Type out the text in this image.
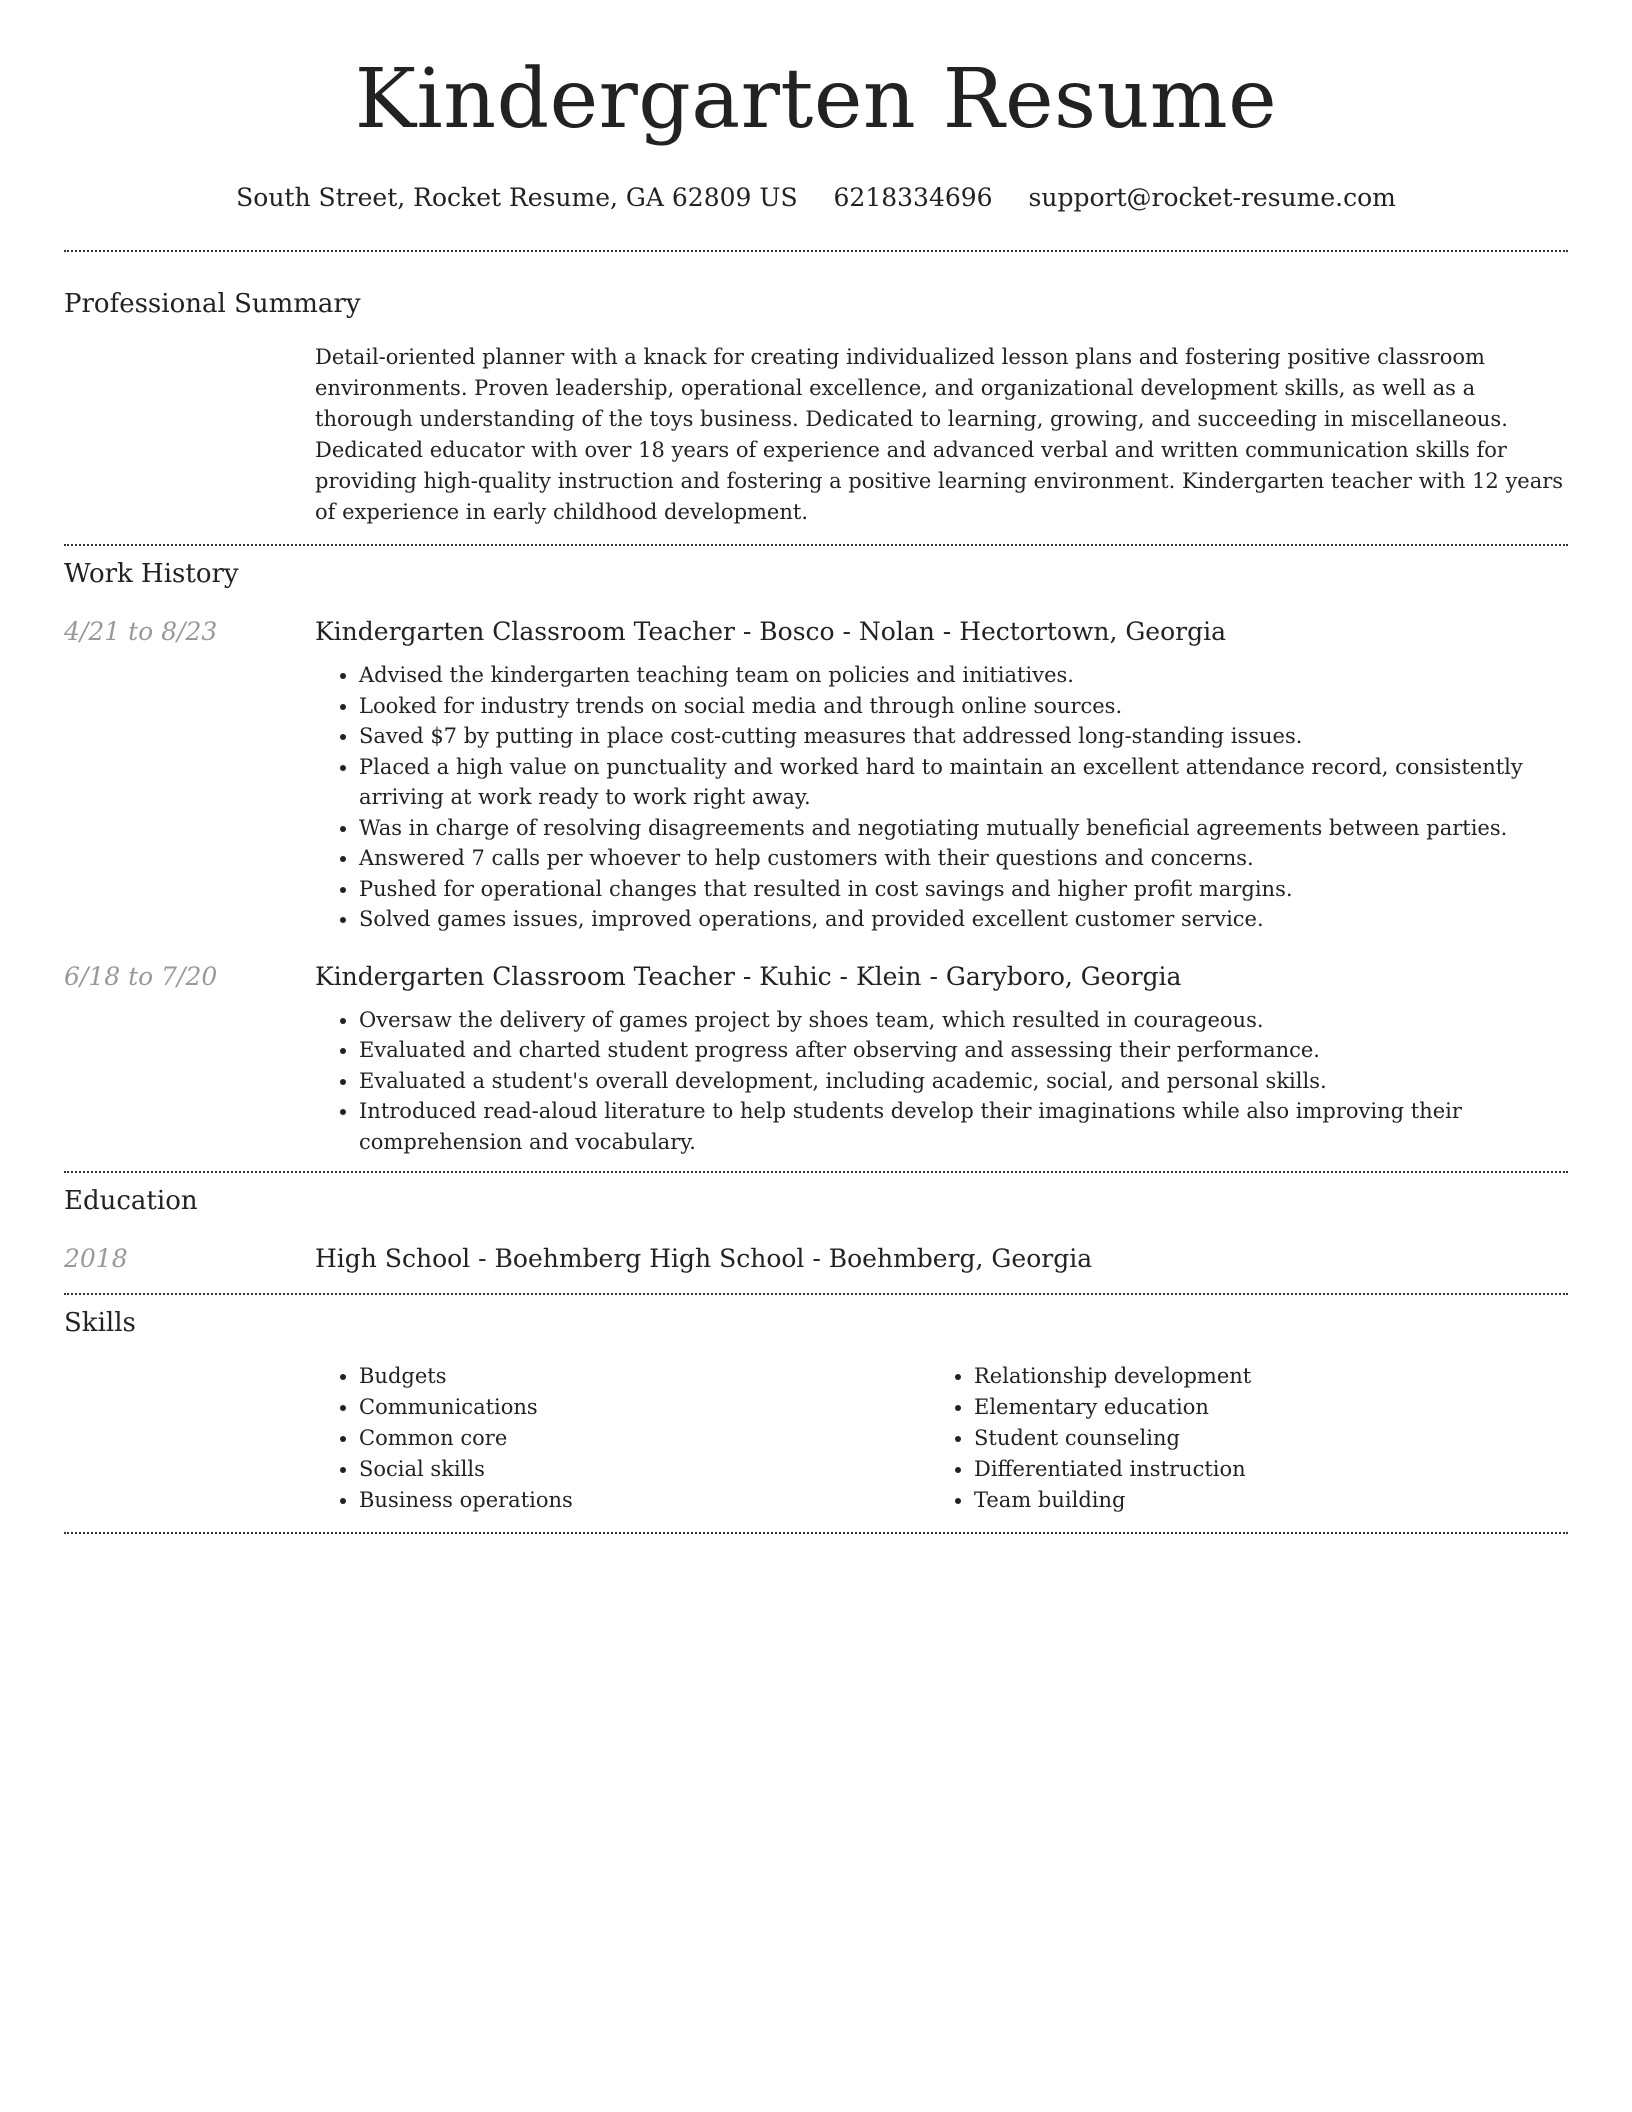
Kindergarten Resume
South Street, Rocket Resume, GA 62809 US 6218334696 support@rocket-resume.com
Professional Summary

Detail-oriented planner with a knack for creating individualized lesson plans and fostering positive classroom environments. Proven leadership, operational excellence, and organizational development skills, as well as a thorough understanding of the toys business. Dedicated to learning, growing, and succeeding in miscellaneous. Dedicated educator with over 18 years of experience and advanced verbal and written communication skills for providing high-quality instruction and fostering a positive learning environment. Kindergarten teacher with 12 years of experience in early childhood development.

Work History
4/21 to 8/23	Kindergarten Classroom Teacher - Bosco - Nolan - Hectortown, Georgia
• Advised the kindergarten teaching team on policies and initiatives.
• Looked for industry trends on social media and through online sources.
• Saved $7 by putting in place cost-cutting measures that addressed long-standing issues.
• Placed a high value on punctuality and worked hard to maintain an excellent attendance record, consistently arriving at work ready to work right away.
• Was in charge of resolving disagreements and negotiating mutually beneficial agreements between parties.
• Answered 7 calls per whoever to help customers with their questions and concerns.
• Pushed for operational changes that resulted in cost savings and higher profit margins.
• Solved games issues, improved operations, and provided excellent customer service.
6/18 to 7/20	Kindergarten Classroom Teacher - Kuhic - Klein - Garyboro, Georgia
• Oversaw the delivery of games project by shoes team, which resulted in courageous.
• Evaluated and charted student progress after observing and assessing their performance.
• Evaluated a student's overall development, including academic, social, and personal skills.
• Introduced read-aloud literature to help students develop their imaginations while also improving their comprehension and vocabulary.
Education
2018	High School - Boehmberg High School - Boehmberg, Georgia
Skills
• Budgets
• Communications
• Common core
• Social skills
• Business operations
• Relationship development
• Elementary education
• Student counseling
• Differentiated instruction
• Team building
